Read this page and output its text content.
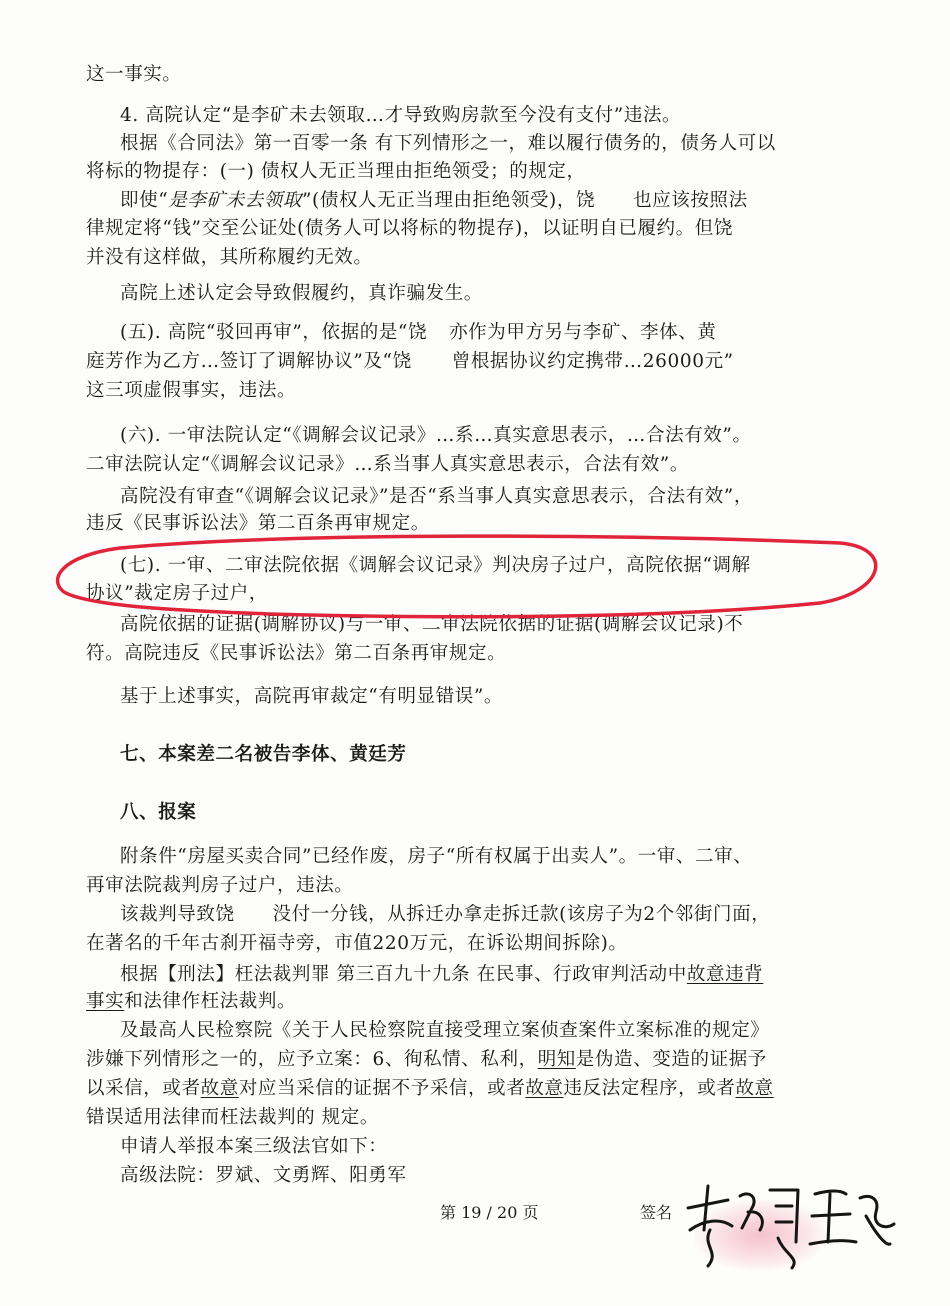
这一事实。
4. 高院认定“是李矿未去领取…才导致购房款至今没有支付”违法。
根据《合同法》第一百零一条 有下列情形之一，难以履行债务的，债务人可以
将标的物提存：(一) 债权人无正当理由拒绝领受；的规定，
即使“是李矿未去领取”(债权人无正当理由拒绝领受)，饶 也应该按照法
律规定将“钱”交至公证处(债务人可以将标的物提存)，以证明自已履约。但饶
并没有这样做，其所称履约无效。
高院上述认定会导致假履约，真诈骗发生。
(五). 高院“驳回再审”，依据的是“饶 亦作为甲方另与李矿、李体、黄
庭芳作为乙方…签订了调解协议”及“饶 曾根据协议约定携带…26000元”
这三项虚假事实，违法。
(六). 一审法院认定“《调解会议记录》…系…真实意思表示，…合法有效”。
二审法院认定“《调解会议记录》…系当事人真实意思表示，合法有效”。
高院没有审查“《调解会议记录》”是否“系当事人真实意思表示，合法有效”，
违反《民事诉讼法》第二百条再审规定。
(七). 一审、二审法院依据《调解会议记录》判决房子过户，高院依据“调解
协议”裁定房子过户，
高院依据的证据(调解协议)与一审、二审法院依据的证据(调解会议记录)不
符。高院违反《民事诉讼法》第二百条再审规定。
基于上述事实，高院再审裁定“有明显错误”。
七、本案差二名被告李体、黄廷芳
八、报案
附条件“房屋买卖合同”已经作废，房子“所有权属于出卖人”。一审、二审、
再审法院裁判房子过户，违法。
该裁判导致饶 没付一分钱，从拆迁办拿走拆迁款(该房子为2个邻街门面，
在著名的千年古刹开福寺旁，市值220万元，在诉讼期间拆除)。
根据【刑法】枉法裁判罪 第三百九十九条 在民事、行政审判活动中故意违背
事实和法律作枉法裁判。
及最高人民检察院《关于人民检察院直接受理立案侦查案件立案标准的规定》
涉嫌下列情形之一的，应予立案：6、徇私情、私利，明知是伪造、变造的证据予
以采信，或者故意对应当采信的证据不予采信，或者故意违反法定程序，或者故意
错误适用法律而枉法裁判的 规定。
申请人举报本案三级法官如下：
高级法院：罗斌、文勇辉、阳勇军
第 19 / 20 页	签名
